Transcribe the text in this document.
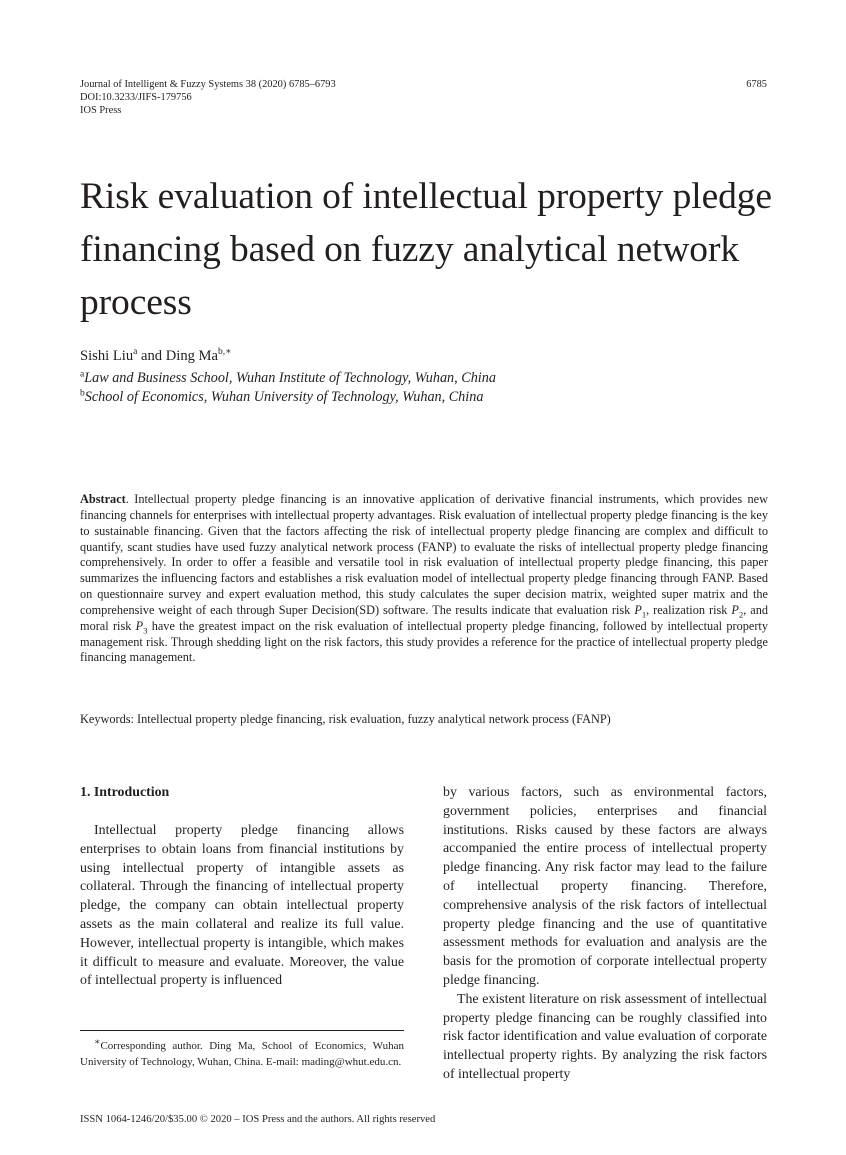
Journal of Intelligent & Fuzzy Systems 38 (2020) 6785–6793
DOI:10.3233/JIFS-179756
IOS Press
6785
Risk evaluation of intellectual property pledge financing based on fuzzy analytical network process
Sishi Liu$^a$ and Ding $Ma^{b,∗}$
$^a$Law and Business School, Wuhan Institute of Technology, Wuhan, China
$^b$School of Economics, Wuhan University of Technology, Wuhan, China

Abstract. Intellectual property pledge financing is an innovative application of derivative financial instruments, which provides new financing channels for enterprises with intellectual property advantages. Risk evaluation of intellectual property pledge financing is the key to sustainable financing. Given that the factors affecting the risk of intellectual property pledge financing are complex and difficult to quantify, scant studies have used fuzzy analytical network process (FANP) to evaluate the risks of intellectual property pledge financing comprehensively. In order to offer a feasible and versatile tool in risk evaluation of intellectual property pledge financing, this paper summarizes the influencing factors and establishes a risk evaluation model of intellectual property pledge financing through FANP. Based on questionnaire survey and expert evaluation method, this study calculates the super decision matrix, weighted super matrix and the comprehensive weight of each through Super Decision(SD) software. The results indicate that evaluation risk $P_1$, realization risk $P_2$, and moral risk $P_3$ have the greatest impact on the risk evaluation of intellectual property pledge financing, followed by intellectual property management risk. Through shedding light on the risk factors, this study provides a reference for the practice of intellectual property pledge financing management.

Keywords: Intellectual property pledge financing, risk evaluation, fuzzy analytical network process (FANP)
1. Introduction

Intellectual property pledge financing allows enterprises to obtain loans from financial institutions by using intellectual property of intangible assets as collateral. Through the financing of intellectual property pledge, the company can obtain intellectual property assets as the main collateral and realize its full value. However, intellectual property is intangible, which makes it difficult to measure and evaluate. Moreover, the value of intellectual property is influenced

by various factors, such as environmental factors, government policies, enterprises and financial institutions. Risks caused by these factors are always accompanied the entire process of intellectual property pledge financing. Any risk factor may lead to the failure of intellectual property financing. Therefore, comprehensive analysis of the risk factors of intellectual property pledge financing and the use of quantitative assessment methods for evaluation and analysis are the basis for the promotion of corporate intellectual property pledge financing.

The existent literature on risk assessment of intellectual property pledge financing can be roughly classified into risk factor identification and value evaluation of corporate intellectual property rights. By analyzing the risk factors of intellectual property

∗Corresponding author. Ding Ma, School of Economics, Wuhan University of Technology, Wuhan, China. E-mail: mading@whut.edu.cn.
ISSN 1064-1246/20/$35.00 © 2020 – IOS Press and the authors. All rights reserved
